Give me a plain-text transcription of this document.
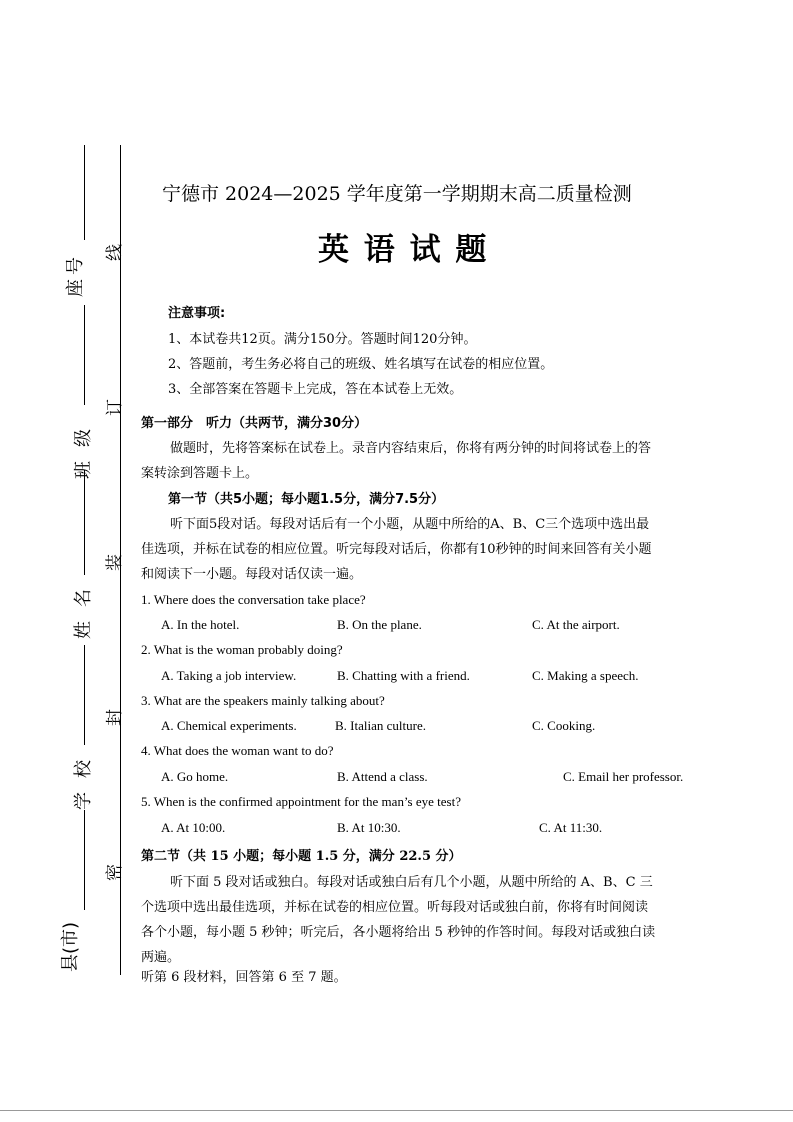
座号
班级
姓名
学校
县(市)
线
订
装
封
密
宁德市 2024—2025 学年度第一学期期末高二质量检测
英 语 试 题
注意事项:
1、本试卷共12页。满分150分。答题时间120分钟。
2、答题前，考生务必将自己的班级、姓名填写在试卷的相应位置。
3、全部答案在答题卡上完成，答在本试卷上无效。
第一部分　听力（共两节，满分30分）
做题时，先将答案标在试卷上。录音内容结束后，你将有两分钟的时间将试卷上的答
案转涂到答题卡上。
第一节（共5小题；每小题1.5分，满分7.5分）
听下面5段对话。每段对话后有一个小题，从题中所给的A、B、C三个选项中选出最
佳选项，并标在试卷的相应位置。听完每段对话后，你都有10秒钟的时间来回答有关小题
和阅读下一小题。每段对话仅读一遍。
1. Where does the conversation take place?
A. In the hotel.	B. On the plane.	C. At the airport.
2. What is the woman probably doing?
A. Taking a job interview.	B. Chatting with a friend.	C. Making a speech.
3. What are the speakers mainly talking about?
A. Chemical experiments.	B. Italian culture.	C. Cooking.
4. What does the woman want to do?
A. Go home.	B. Attend a class.	C. Email her professor.
5. When is the confirmed appointment for the man’s eye test?
A. At 10:00.	B. At 10:30.	C. At 11:30.
第二节（共 15 小题；每小题 1.5 分，满分 22.5 分）
听下面 5 段对话或独白。每段对话或独白后有几个小题，从题中所给的 A、B、C 三
个选项中选出最佳选项，并标在试卷的相应位置。听每段对话或独白前，你将有时间阅读
各个小题，每小题 5 秒钟；听完后，各小题将给出 5 秒钟的作答时间。每段对话或独白读
两遍。
听第 6 段材料，回答第 6 至 7 题。
